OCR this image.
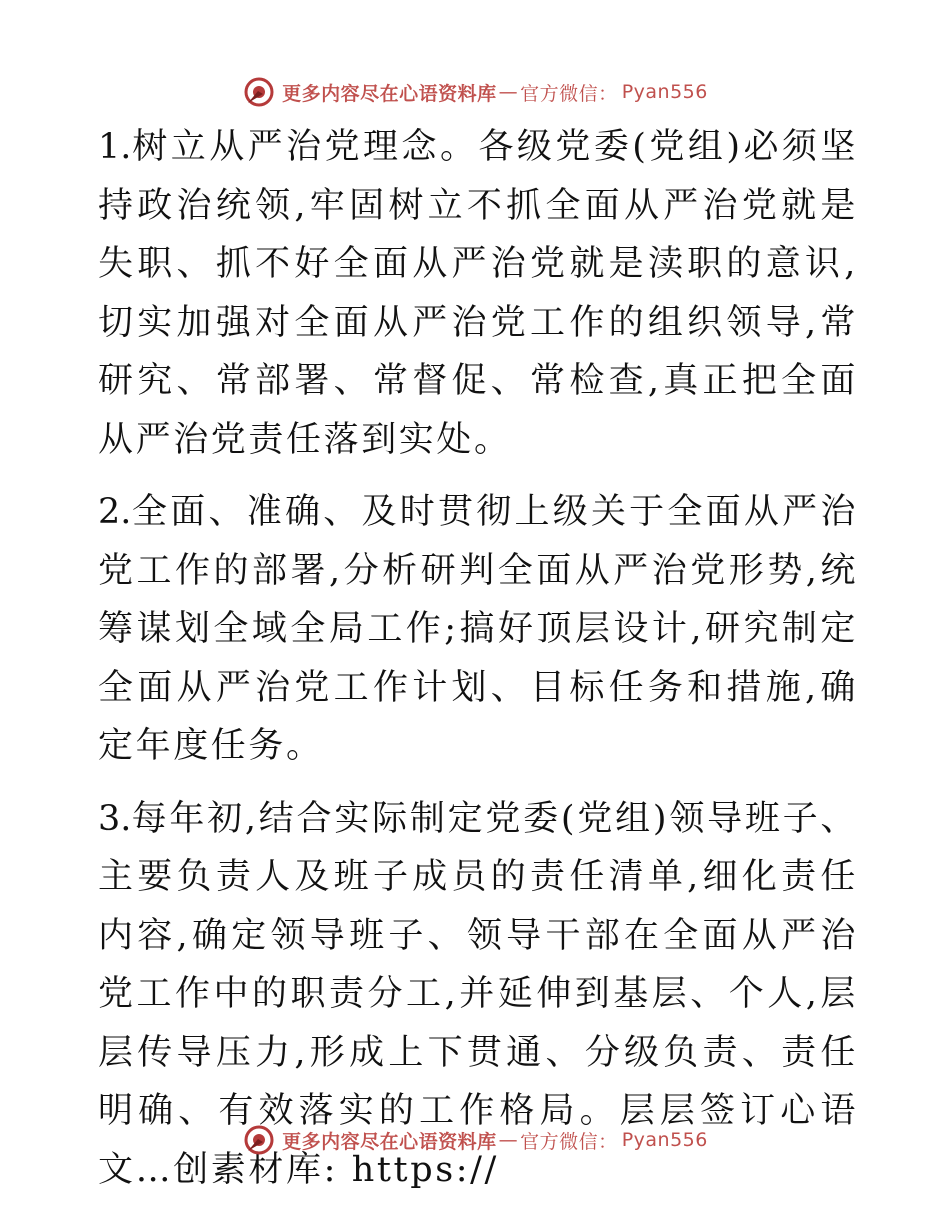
更多内容尽在心语资料库 — 官方微信： Pyan556

1.树立从严治党理念。各级党委(党组)必须坚持政治统领,牢固树立不抓全面从严治党就是失职、抓不好全面从严治党就是渎职的意识,切实加强对全面从严治党工作的组织领导,常研究、常部署、常督促、常检查,真正把全面从严治党责任落到实处。

2.全面、准确、及时贯彻上级关于全面从严治党工作的部署,分析研判全面从严治党形势,统筹谋划全域全局工作;搞好顶层设计,研究制定全面从严治党工作计划、目标任务和措施,确定年度任务。

3.每年初,结合实际制定党委(党组)领导班子、主要负责人及班子成员的责任清单,细化责任内容,确定领导班子、领导干部在全面从严治党工作中的职责分工,并延伸到基层、个人,层层传导压力,形成上下贯通、分级负责、责任明确、有效落实的工作格局。层层签订心语文…创素材库: https://

更多内容尽在心语资料库 — 官方微信： Pyan556
